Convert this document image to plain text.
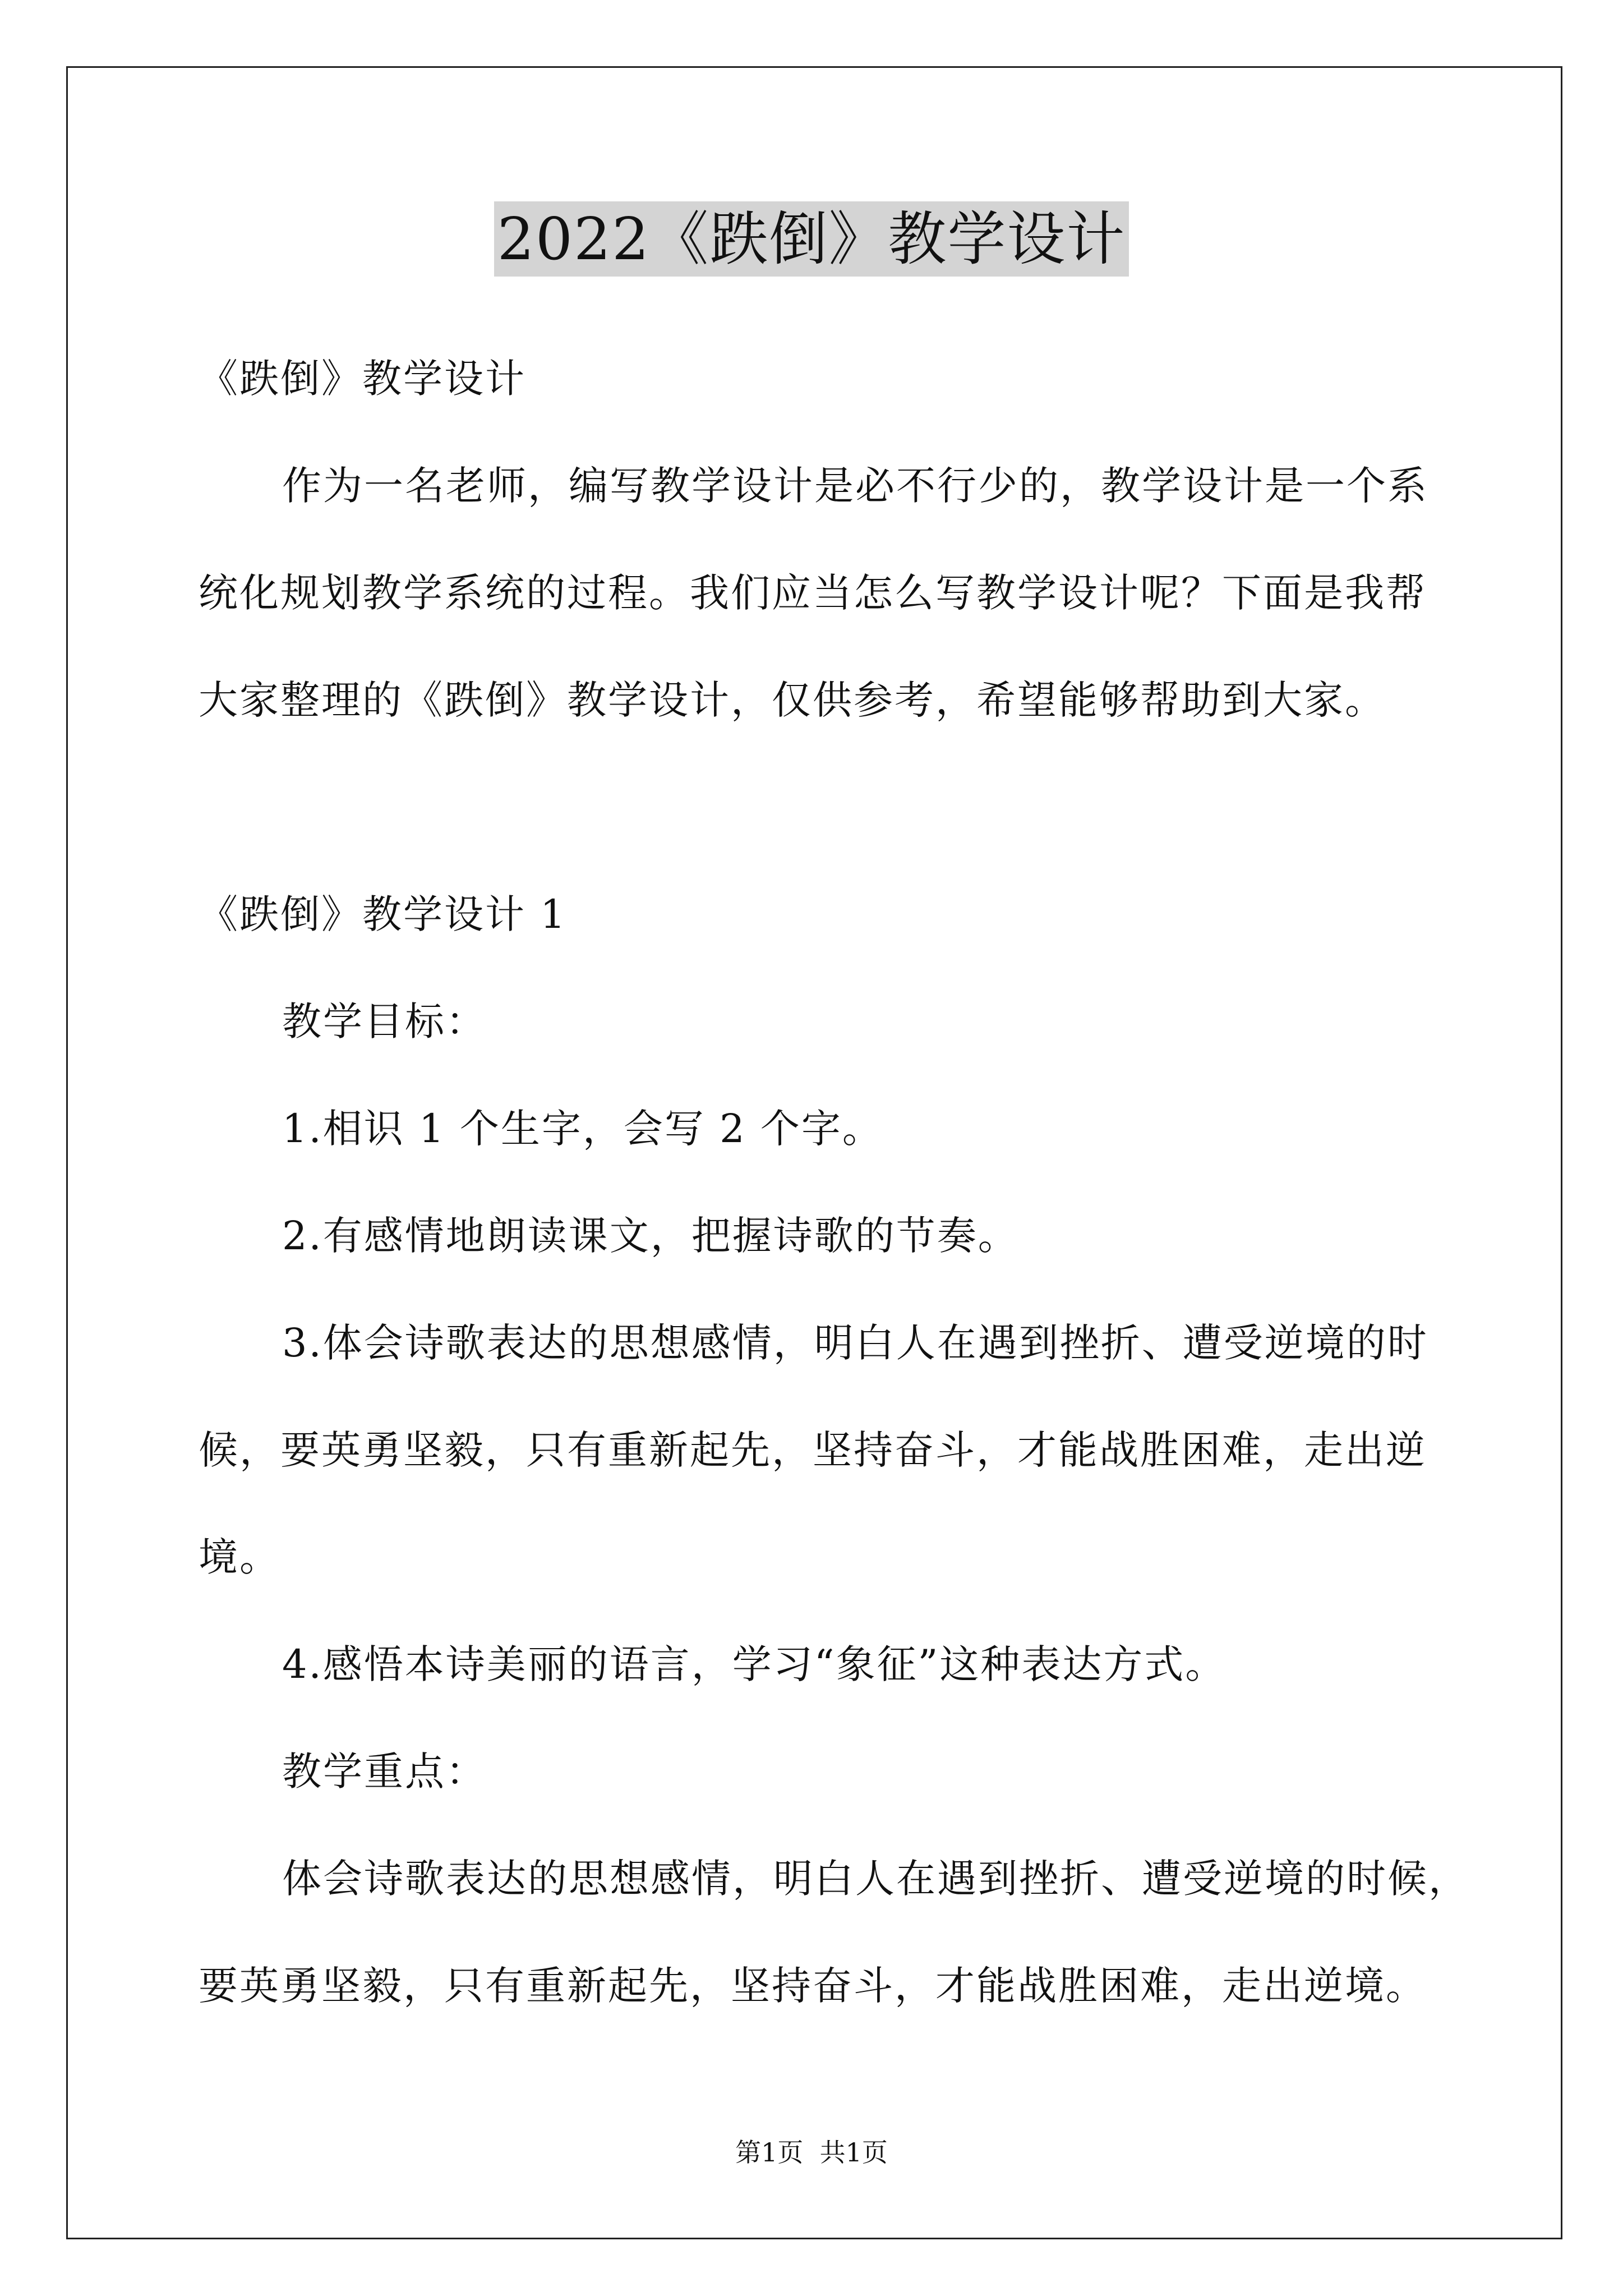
2022《跌倒》教学设计
《跌倒》教学设计
作为一名老师，编写教学设计是必不行少的，教学设计是一个系
统化规划教学系统的过程。我们应当怎么写教学设计呢？下面是我帮
大家整理的《跌倒》教学设计，仅供参考，希望能够帮助到大家。
《跌倒》教学设计 1
教学目标：
1.相识 1 个生字，会写 2 个字。
2.有感情地朗读课文，把握诗歌的节奏。
3.体会诗歌表达的思想感情，明白人在遇到挫折、遭受逆境的时
候，要英勇坚毅，只有重新起先，坚持奋斗，才能战胜困难，走出逆
境。
4.感悟本诗美丽的语言，学习“象征”这种表达方式。
教学重点：
体会诗歌表达的思想感情，明白人在遇到挫折、遭受逆境的时候，
要英勇坚毅，只有重新起先，坚持奋斗，才能战胜困难，走出逆境。
第1页  共1页
